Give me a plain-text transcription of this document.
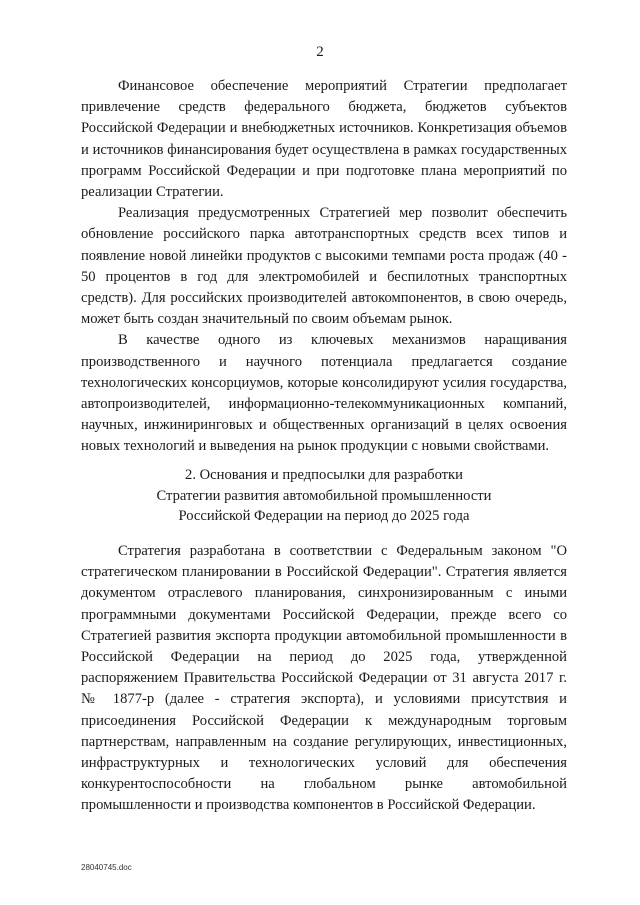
2

Финансовое обеспечение мероприятий Стратегии предполагает привлечение средств федерального бюджета, бюджетов субъектов Российской Федерации и внебюджетных источников. Конкретизация объемов и источников финансирования будет осуществлена в рамках государственных программ Российской Федерации и при подготовке плана мероприятий по реализации Стратегии.

Реализация предусмотренных Стратегией мер позволит обеспечить обновление российского парка автотранспортных средств всех типов и появление новой линейки продуктов с высокими темпами роста продаж (40 - 50 процентов в год для электромобилей и беспилотных транспортных средств). Для российских производителей автокомпонентов, в свою очередь, может быть создан значительный по своим объемам рынок.

В качестве одного из ключевых механизмов наращивания производственного и научного потенциала предлагается создание технологических консорциумов, которые консолидируют усилия государства, автопроизводителей, информационно-телекоммуникационных компаний, научных, инжиниринговых и общественных организаций в целях освоения новых технологий и выведения на рынок продукции с новыми свойствами.

2. Основания и предпосылки для разработки
Стратегии развития автомобильной промышленности
Российской Федерации на период до 2025 года

Стратегия разработана в соответствии с Федеральным законом "О стратегическом планировании в Российской Федерации". Стратегия является документом отраслевого планирования, синхронизированным с иными программными документами Российской Федерации, прежде всего со Стратегией развития экспорта продукции автомобильной промышленности в Российской Федерации на период до 2025 года, утвержденной распоряжением Правительства Российской Федерации от 31 августа 2017 г. № 1877-р (далее - стратегия экспорта), и условиями присутствия и присоединения Российской Федерации к международным торговым партнерствам, направленным на создание регулирующих, инвестиционных, инфраструктурных и технологических условий для обеспечения конкурентоспособности на глобальном рынке автомобильной промышленности и производства компонентов в Российской Федерации.

28040745.doc
